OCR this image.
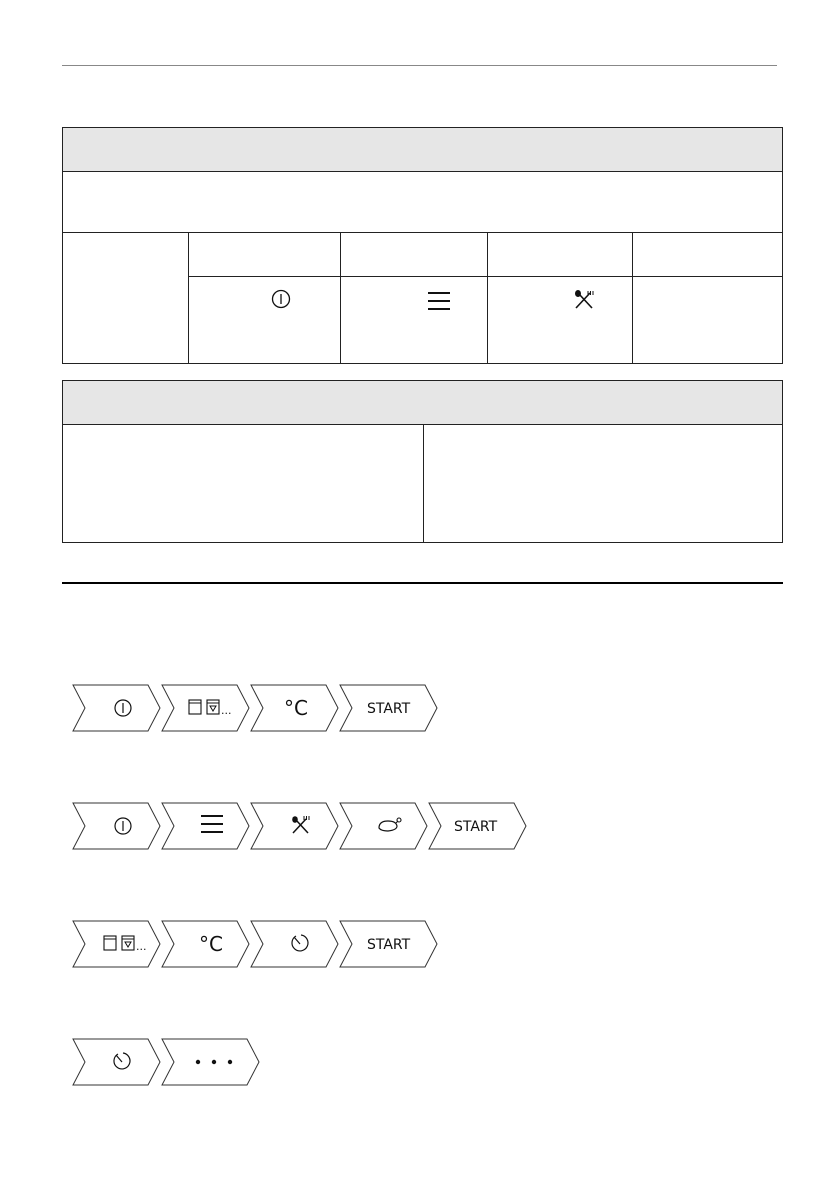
...	°C	START
START
...	°C	START
